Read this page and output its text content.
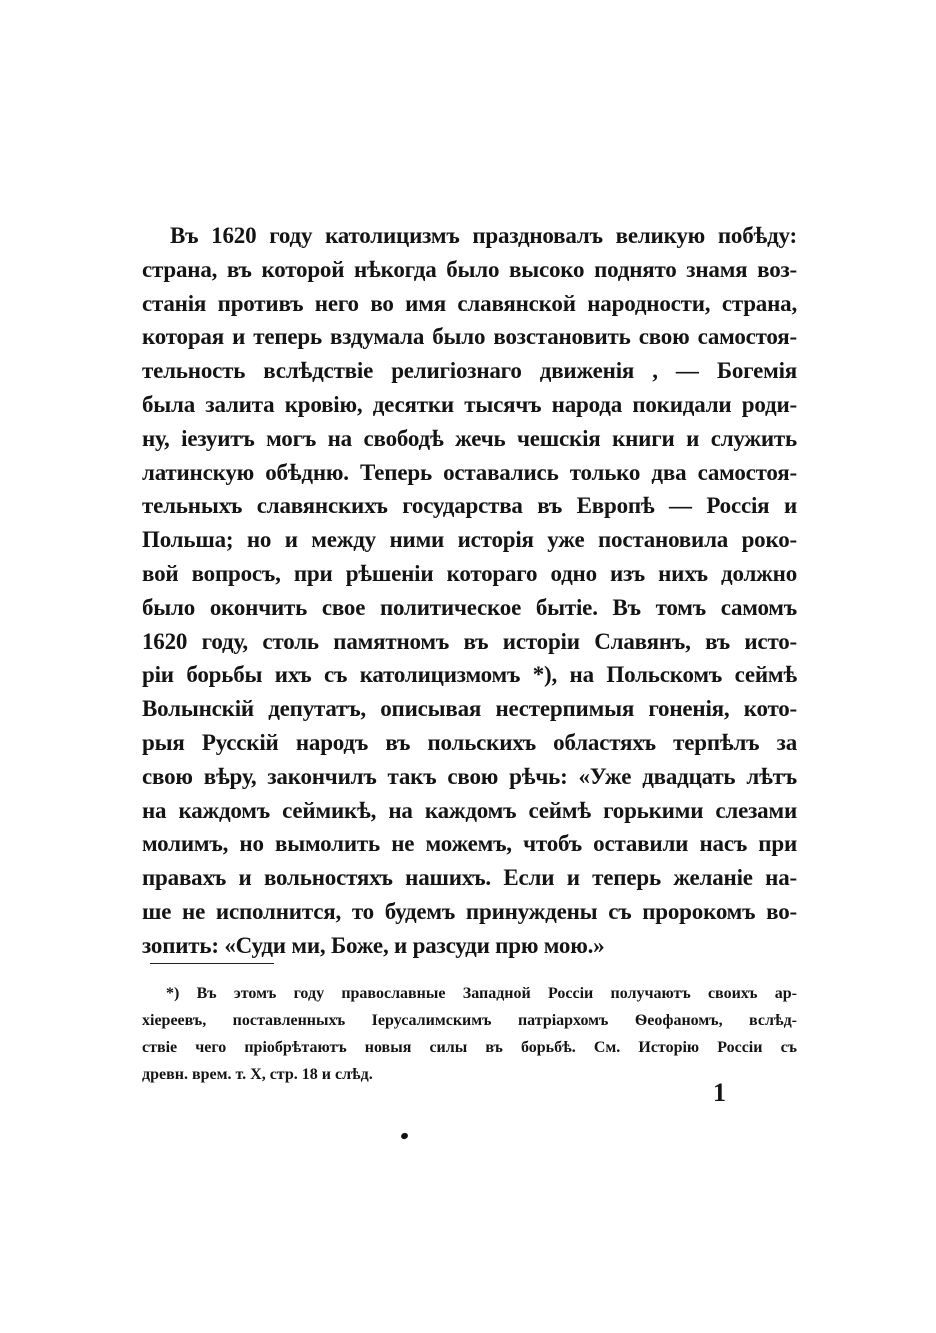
Въ 1620 году католицизмъ праздновалъ великую побѣду:
страна, въ которой нѣкогда было высоко поднято знамя воз-
станія противъ него во имя славянской народности, страна,
которая и теперь вздумала было возстановить свою самостоя-
тельность вслѣдствіе религіознаго движенія , — Богемія
была залита кровію, десятки тысячъ народа покидали роди-
ну, іезуитъ могъ на свободѣ жечь чешскія книги и служить
латинскую обѣдню. Теперь оставались только два самостоя-
тельныхъ славянскихъ государства въ Европѣ — Россія и
Польша; но и между ними исторія уже постановила роко-
вой вопросъ, при рѣшеніи котораго одно изъ нихъ должно
было окончить свое политическое бытіе. Въ томъ самомъ
1620 году, столь памятномъ въ исторіи Славянъ, въ исто-
ріи борьбы ихъ съ католицизмомъ *), на Польскомъ сеймѣ
Волынскій депутатъ, описывая нестерпимыя гоненія, кото-
рыя Русскій народъ въ польскихъ областяхъ терпѣлъ за
свою вѣру, закончилъ такъ свою рѣчь: «Уже двадцать лѣтъ
на каждомъ сеймикѣ, на каждомъ сеймѣ горькими слезами
молимъ, но вымолить не можемъ, чтобъ оставили насъ при
правахъ и вольностяхъ нашихъ. Если и теперь желаніе на-
ше не исполнится, то будемъ принуждены съ пророкомъ во-
зопить: «Суди ми, Боже, и разсуди прю мою.»
*) Въ этомъ году православные Западной Россіи получаютъ своихъ ар-
хіереевъ, поставленныхъ Іерусалимскимъ патріархомъ Ѳеофаномъ, вслѣд-
ствіе чего пріобрѣтаютъ новыя силы въ борьбѣ. См. Исторію Россіи съ
древн. врем. т. X, стр. 18 и слѣд.
1
